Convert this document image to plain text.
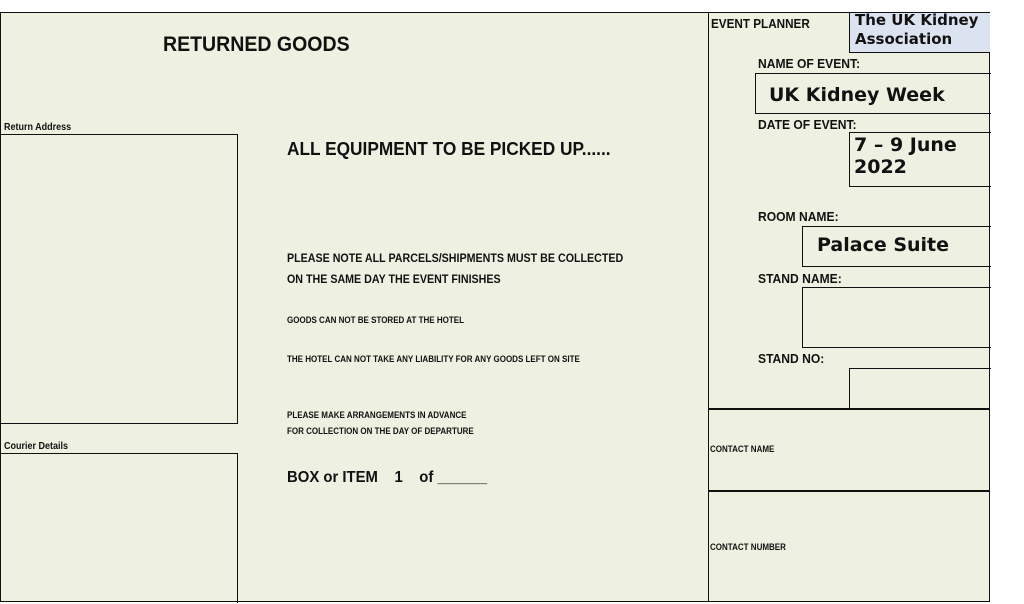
RETURNED GOODS
Return Address
Courier Details
ALL EQUIPMENT TO BE PICKED UP......
PLEASE NOTE ALL PARCELS/SHIPMENTS MUST BE COLLECTED
ON THE SAME DAY THE EVENT FINISHES
GOODS CAN NOT BE STORED AT THE HOTEL
THE HOTEL CAN NOT TAKE ANY LIABILITY FOR ANY GOODS LEFT ON SITE
PLEASE MAKE ARRANGEMENTS IN ADVANCE
FOR COLLECTION ON THE DAY OF DEPARTURE
BOX or ITEM    1    of ______
EVENT PLANNER	The UK Kidney Association
NAME OF EVENT:
UK Kidney Week
DATE OF EVENT:
7 – 9 June 2022
ROOM NAME:
Palace Suite
STAND NAME:
STAND NO:
CONTACT NAME
CONTACT NUMBER
